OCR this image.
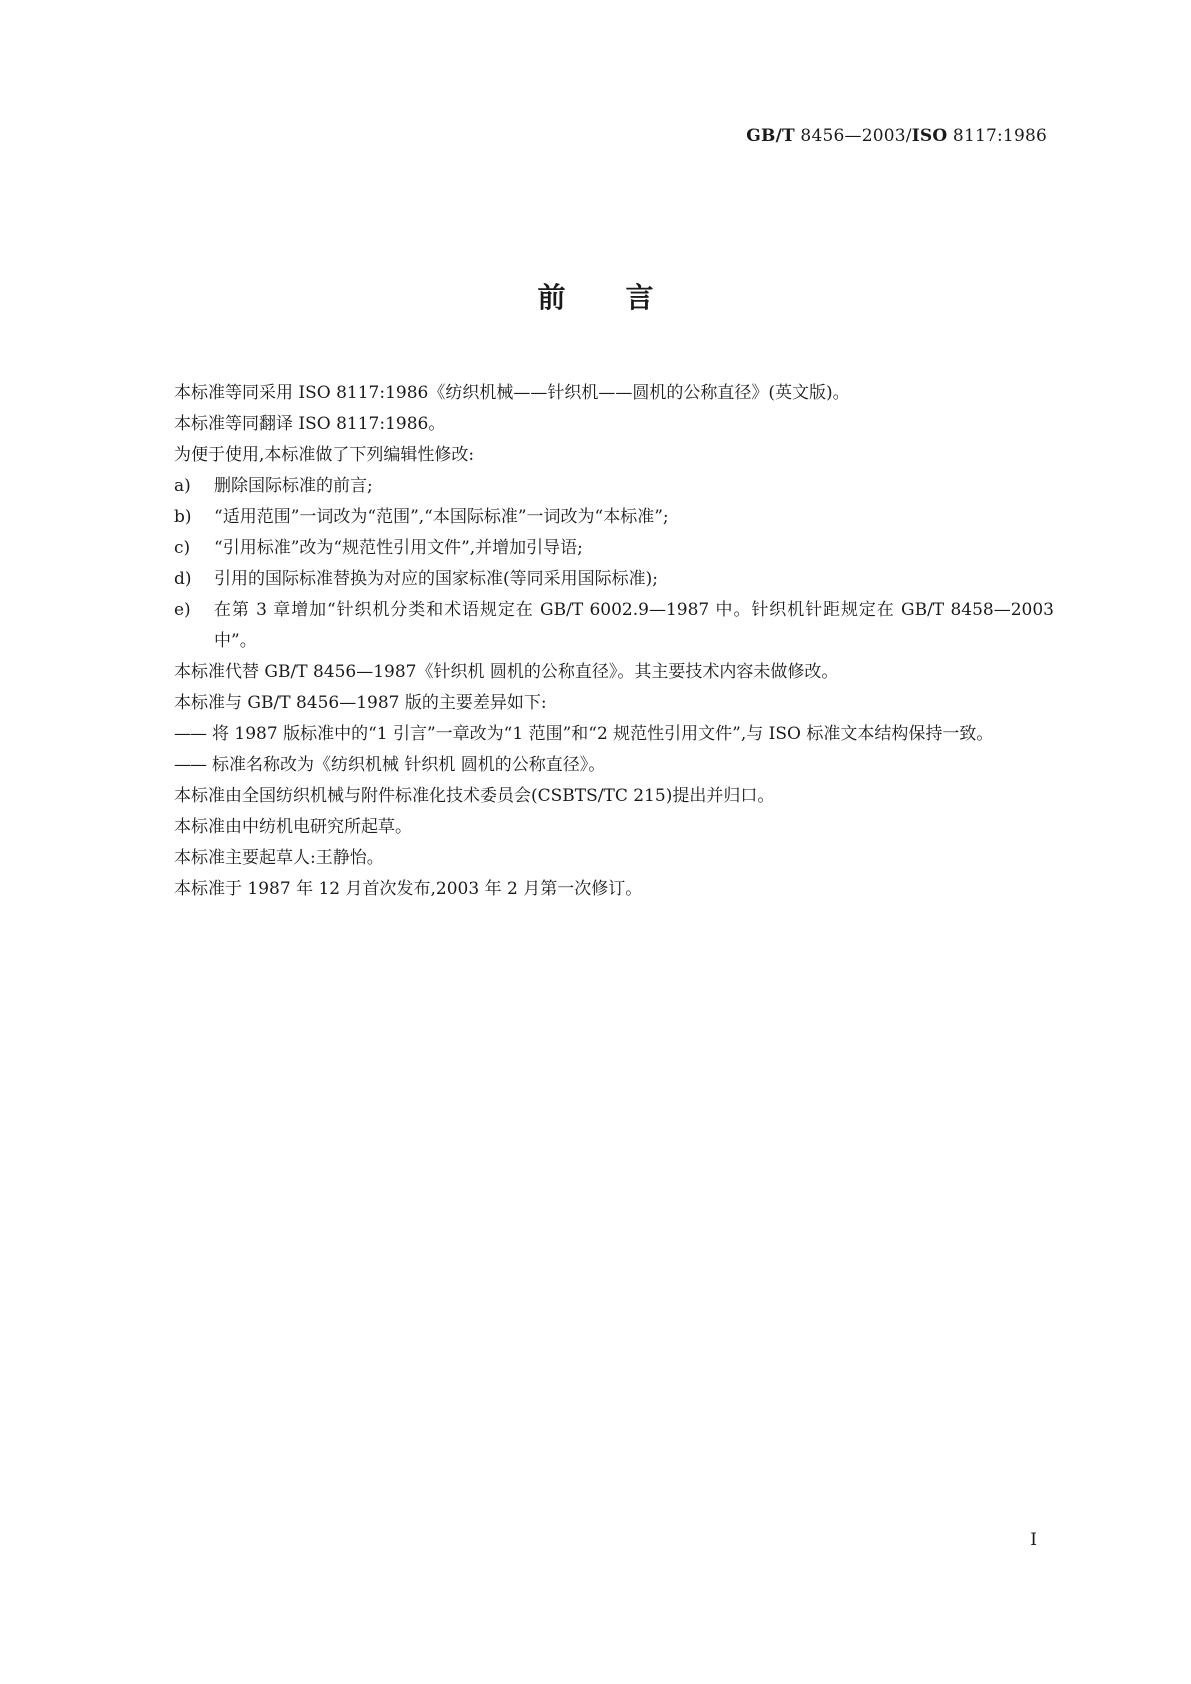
GB/T 8456—2003/ISO 8117:1986
前言

本标准等同采用 ISO 8117:1986《纺织机械——针织机——圆机的公称直径》(英文版)。

本标准等同翻译 ISO 8117:1986。

为便于使用,本标准做了下列编辑性修改:

a)	删除国际标准的前言;
b)	“适用范围”一词改为“范围”,“本国际标准”一词改为“本标准”;
c)	“引用标准”改为“规范性引用文件”,并增加引导语;
d)	引用的国际标准替换为对应的国家标准(等同采用国际标准);
e)	在第 3 章增加“针织机分类和术语规定在 GB/T 6002.9—1987 中。针织机针距规定在 GB/T 8458—2003 中”。

本标准代替 GB/T 8456—1987《针织机 圆机的公称直径》。其主要技术内容未做修改。

本标准与 GB/T 8456—1987 版的主要差异如下:

—— 将 1987 版标准中的“1 引言”一章改为“1 范围”和“2 规范性引用文件”,与 ISO 标准文本结构保持一致。
—— 标准名称改为《纺织机械 针织机 圆机的公称直径》。

本标准由全国纺织机械与附件标准化技术委员会(CSBTS/TC 215)提出并归口。

本标准由中纺机电研究所起草。

本标准主要起草人:王静怡。

本标准于 1987 年 12 月首次发布,2003 年 2 月第一次修订。

I
